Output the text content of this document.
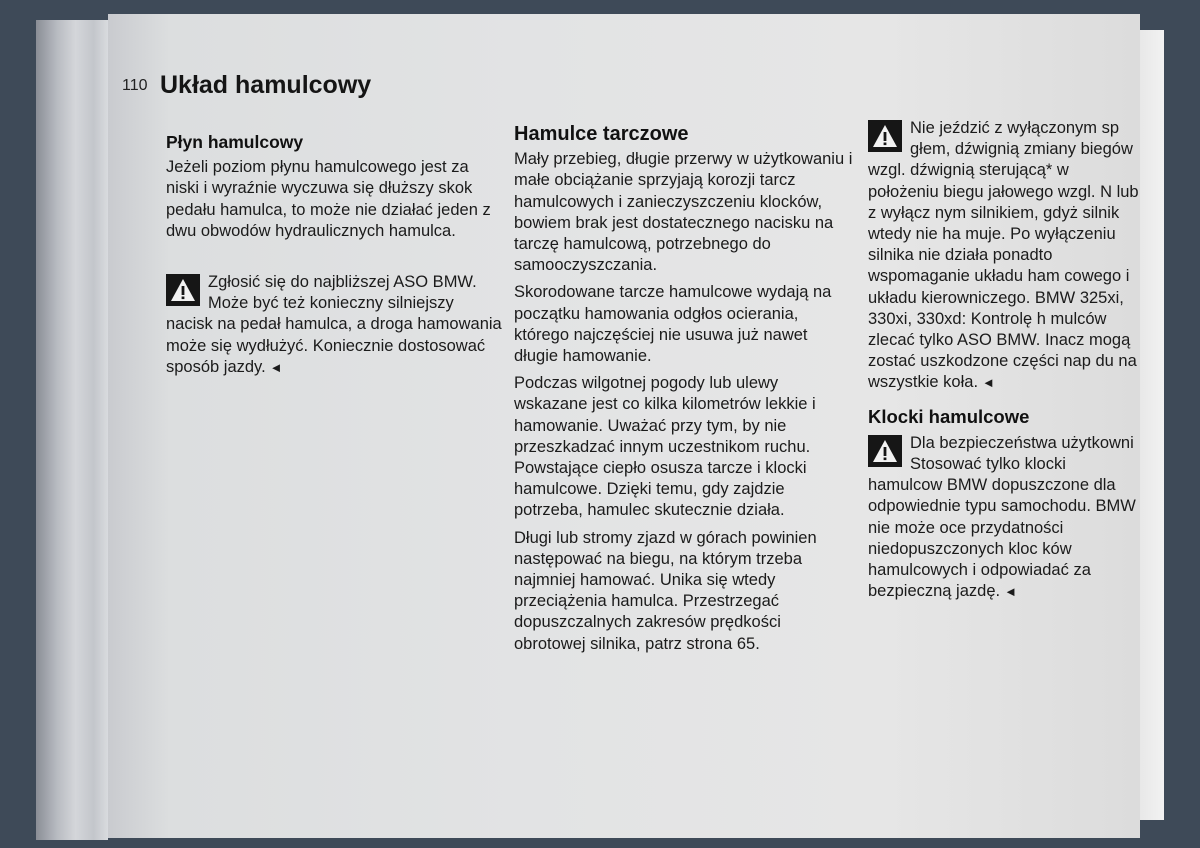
110 Układ hamulcowy
Płyn hamulcowy

Jeżeli poziom płynu hamulcowego jest za niski i wyraźnie wyczuwa się dłuższy skok pedału hamulca, to może nie działać jeden z dwu obwodów hydraulicznych hamulca.

Zgłosić się do najbliższej ASO BMW. Może być też konieczny silniejszy nacisk na pedał hamulca, a droga hamowania może się wydłużyć. Koniecznie dostosować sposób jazdy. ◄
Hamulce tarczowe

Mały przebieg, długie przerwy w użytkowaniu i małe obciążanie sprzyjają korozji tarcz hamulcowych i zanieczyszczeniu klocków, bowiem brak jest dostatecznego nacisku na tarczę hamulcową, potrzebnego do samooczyszczania.

Skorodowane tarcze hamulcowe wydają na początku hamowania odgłos ocierania, którego najczęściej nie usuwa już nawet długie hamowanie.

Podczas wilgotnej pogody lub ulewy wskazane jest co kilka kilometrów lekkie i hamowanie. Uważać przy tym, by nie przeszkadzać innym uczestnikom ruchu. Powstające ciepło osusza tarcze i klocki hamulcowe. Dzięki temu, gdy zajdzie potrzeba, hamulec skutecznie działa.

Długi lub stromy zjazd w górach powinien następować na biegu, na którym trzeba najmniej hamować. Unika się wtedy przeciążenia hamulca. Przestrzegać dopuszczalnych zakresów prędkości obrotowej silnika, patrz strona 65.

Nie jeździć z wyłączonym sp głem, dźwignią zmiany biegów wzgl. dźwignią sterującą* w położeniu biegu jałowego wzgl. N lub z wyłącz nym silnikiem, gdyż silnik wtedy nie ha muje. Po wyłączeniu silnika nie działa ponadto wspomaganie układu ham cowego i układu kierowniczego. BMW 325xi, 330xi, 330xd: Kontrolę h mulców zlecać tylko ASO BMW. Inacz mogą zostać uszkodzone części nap du na wszystkie koła. ◄
Klocki hamulcowe
Dla bezpieczeństwa użytkowni Stosować tylko klocki hamulcow BMW dopuszczone dla odpowiednie typu samochodu. BMW nie może oce przydatności niedopuszczonych kloc ków hamulcowych i odpowiadać za bezpieczną jazdę. ◄
